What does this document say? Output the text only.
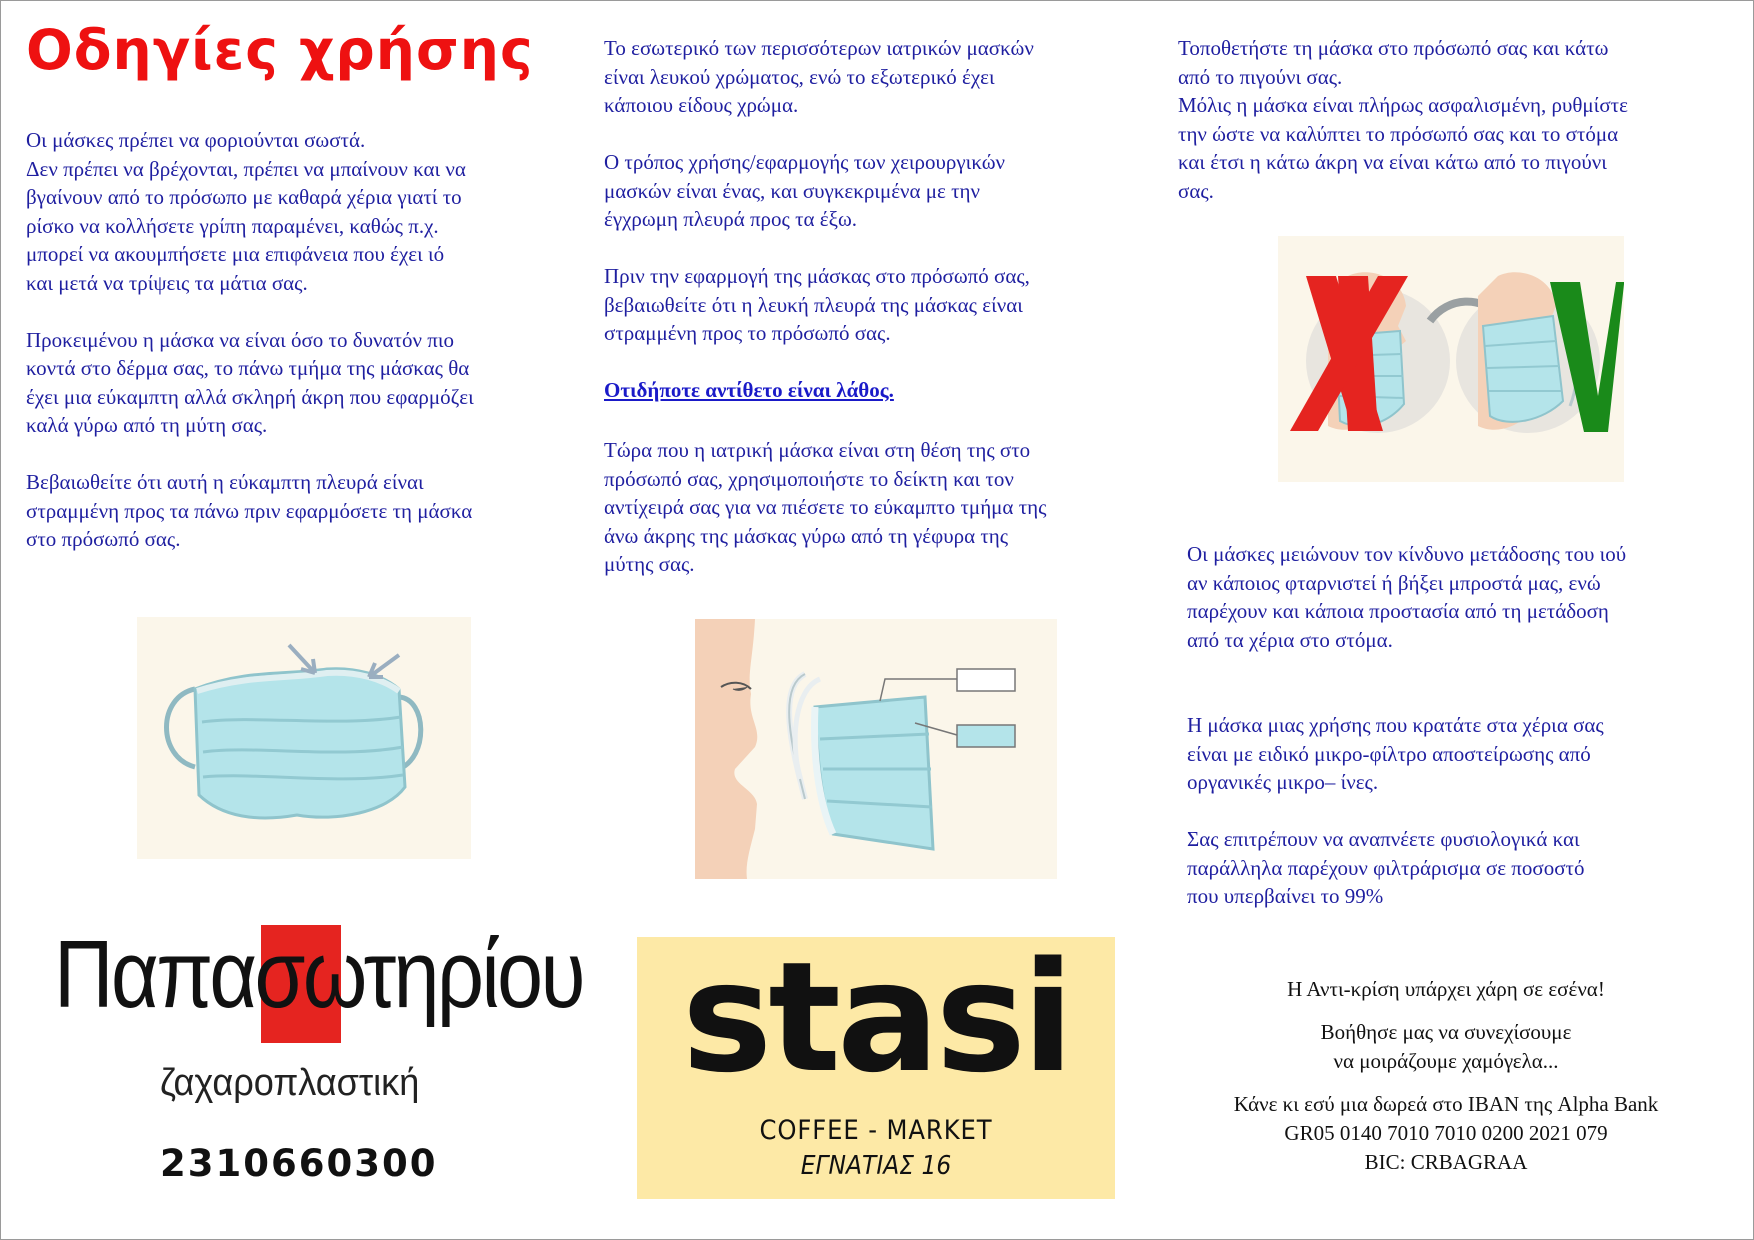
Οδηγίες χρήσης

Οι μάσκες πρέπει να φοριούνται σωστά.

Δεν πρέπει να βρέχονται, πρέπει να μπαίνουν και να

βγαίνουν από το πρόσωπο με καθαρά χέρια γιατί το

ρίσκο να κολλήσετε γρίπη παραμένει, καθώς π.χ.

μπορεί να ακουμπήσετε μια επιφάνεια που έχει ιό

και μετά να τρίψεις τα μάτια σας.

Προκειμένου η μάσκα να είναι όσο το δυνατόν πιο

κοντά στο δέρμα σας, το πάνω τμήμα της μάσκας θα

έχει μια εύκαμπτη αλλά σκληρή άκρη που εφαρμόζει

καλά γύρω από τη μύτη σας.

Βεβαιωθείτε ότι αυτή η εύκαμπτη πλευρά είναι

στραμμένη προς τα πάνω πριν εφαρμόσετε τη μάσκα

στο πρόσωπό σας.

Το εσωτερικό των περισσότερων ιατρικών μασκών

είναι λευκού χρώματος, ενώ το εξωτερικό έχει

κάποιου είδους χρώμα.

Ο τρόπος χρήσης/εφαρμογής των χειρουργικών

μασκών είναι ένας, και συγκεκριμένα με την

έγχρωμη πλευρά προς τα έξω.

Πριν την εφαρμογή της μάσκας στο πρόσωπό σας,

βεβαιωθείτε ότι η λευκή πλευρά της μάσκας είναι

στραμμένη προς το πρόσωπό σας.

Οτιδήποτε αντίθετο είναι λάθος.

Τώρα που η ιατρική μάσκα είναι στη θέση της στο

πρόσωπό σας, χρησιμοποιήστε το δείκτη και τον

αντίχειρά σας για να πιέσετε το εύκαμπτο τμήμα της

άνω άκρης της μάσκας γύρω από τη γέφυρα της

μύτης σας.

Τοποθετήστε τη μάσκα στο πρόσωπό σας και κάτω

από το πιγούνι σας.

Μόλις η μάσκα είναι πλήρως ασφαλισμένη, ρυθμίστε

την ώστε να καλύπτει το πρόσωπό σας και το στόμα

και έτσι η κάτω άκρη να είναι κάτω από το πιγούνι

σας.

Οι μάσκες μειώνουν τον κίνδυνο μετάδοσης του ιού

αν κάποιος φταρνιστεί ή βήξει μπροστά μας, ενώ

παρέχουν και κάποια προστασία από τη μετάδοση

από τα χέρια στο στόμα.

Η μάσκα μιας χρήσης που κρατάτε στα χέρια σας

είναι με ειδικό μικρο-φίλτρο αποστείρωσης από

οργανικές μικρο– ίνες.

Σας επιτρέπουν να αναπνέετε φυσιολογικά και

παράλληλα παρέχουν φιλτράρισμα σε ποσοστό

που υπερβαίνει το 99%

Η Αντι-κρίση υπάρχει χάρη σε εσένα!

Βοήθησε μας να συνεχίσουμε

να μοιράζουμε χαμόγελα...

Κάνε κι εσύ μια δωρεά στο IBAN της Alpha Bank

GR05 0140 7010 7010 0200 2021 079

BIC: CRBAGRAA

Παπασωτηρίου
ζαχαροπλαστική
2310660300
stasi
COFFEE - MARKET
ΕΓΝΑΤΙΑΣ 16
